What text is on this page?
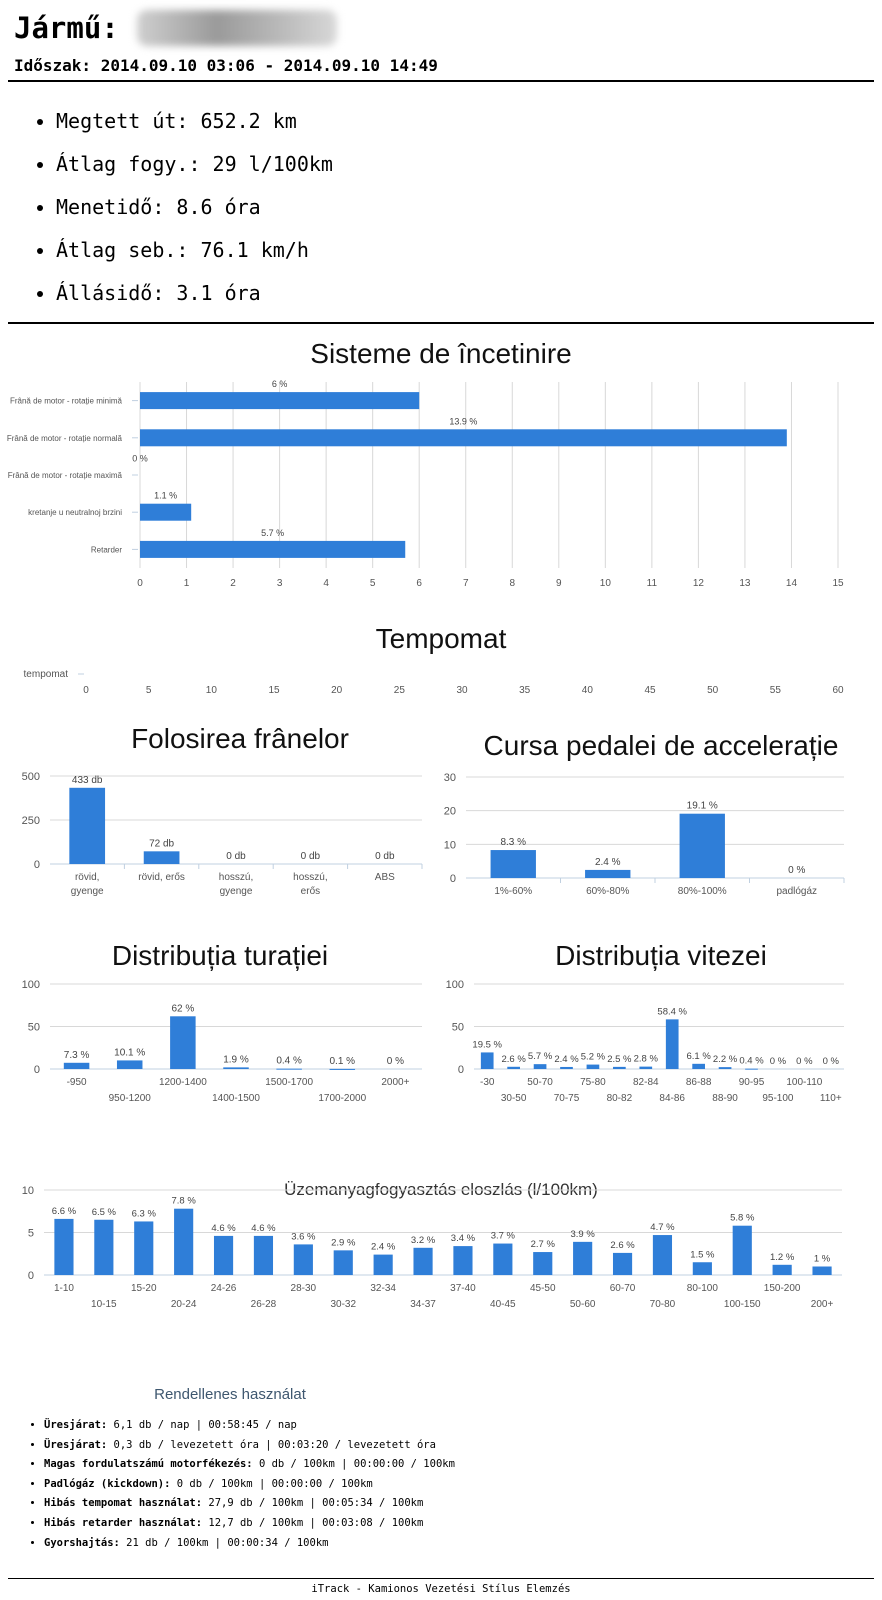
Jármű:
Időszak: 2014.09.10 03:06 - 2014.09.10 14:49
• Megtett út: 652.2 km
• Átlag fogy.: 29 l/100km
• Menetidő: 8.6 óra
• Átlag seb.: 76.1 km/h
• Állásidő: 3.1 óra
Sisteme de încetinire
0	1	2	3	4	5	6	7	8	9	10	11	12	13	14	15
Frână de motor - rotație minimă
6 %
Frână de motor - rotație normală
13.9 %
Frână de motor - rotație maximă
0 %
kretanje u neutralnoj brzini
1.1 %
Retarder
5.7 %
Tempomat
0	5	10	15	20	25	30	35	40	45	50	55	60
tempomat
Folosirea frânelor
0
250
500	433 db
rövid,
gyenge
72 db
rövid, erős
0 db
hosszú,
gyenge
0 db
hosszú,
erős
0 db
ABS
Cursa pedalei de accelerație
0
10
20
30
8.3 %
1%-60%
2.4 %
60%-80%
19.1 %
80%-100%
0 %
padlógáz
Distribuția turației
0
50
100
7.3 %
-950
10.1 %
950-1200
62 %
1200-1400
1.9 %
1400-1500
0.4 %
1500-1700
0.1 %
1700-2000
0 %
2000+
Distribuția vitezei
0
50
100
19.5 %
-30
2.6 %
30-50
5.7 %
50-70
2.4 %
70-75
5.2 %
75-80
2.5 %
80-82
2.8 %
82-84
58.4 %
84-86
6.1 %
86-88
2.2 %
88-90
0.4 %
90-95
0 %
95-100
0 %
100-110
0 %
110+
Üzemanyagfogyasztás eloszlás (l/100km)
0
5
10
6.6 %
1-10
6.5 %
10-15
6.3 %
15-20
7.8 %
20-24
4.6 %
24-26
4.6 %
26-28
3.6 %
28-30
2.9 %
30-32
2.4 %
32-34
3.2 %
34-37
3.4 %
37-40
3.7 %
40-45
2.7 %
45-50
3.9 %
50-60
2.6 %
60-70
4.7 %
70-80
1.5 %
80-100
5.8 %
100-150
1.2 %
150-200
1 %
200+
Rendellenes használat
• Üresjárat: 6,1 db / nap | 00:58:45 / nap
• Üresjárat: 0,3 db / levezetett óra | 00:03:20 / levezetett óra
• Magas fordulatszámú motorfékezés: 0 db / 100km | 00:00:00 / 100km
• Padlógáz (kickdown): 0 db / 100km | 00:00:00 / 100km
• Hibás tempomat használat: 27,9 db / 100km | 00:05:34 / 100km
• Hibás retarder használat: 12,7 db / 100km | 00:03:08 / 100km
• Gyorshajtás: 21 db / 100km | 00:00:34 / 100km
iTrack - Kamionos Vezetési Stílus Elemzés
